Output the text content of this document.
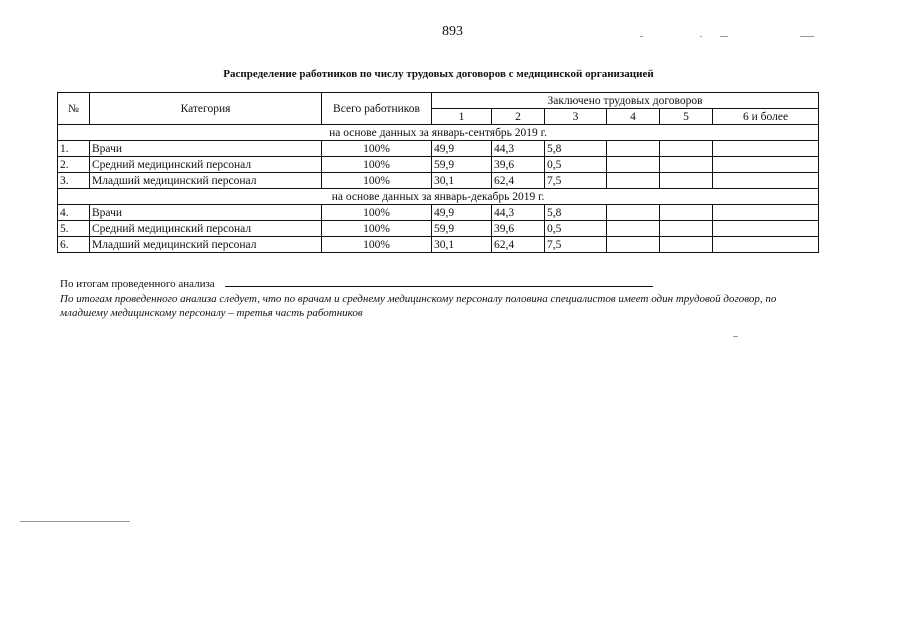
893
Распределение работников по числу трудовых договоров с медицинской организацией
№	Категория	Всего работников	Заключено трудовых договоров					
			1	2	3	4	5	6 и более
на основе данных за январь-сентябрь 2019 г.								
1.	Врачи	100%	49,9	44,3	5,8			
2.	Средний медицинский персонал	100%	59,9	39,6	0,5			
3.	Младший медицинский персонал	100%	30,1	62,4	7,5			
на основе данных за январь-декабрь 2019 г.								
4.	Врачи	100%	49,9	44,3	5,8			
5.	Средний медицинский персонал	100%	59,9	39,6	0,5			
6.	Младший медицинский персонал	100%	30,1	62,4	7,5			
По итогам проведенного анализа
По итогам проведенного анализа следует, что по врачам и среднему медицинскому персоналу половина специалистов имеет один трудовой договор, по младшему медицинскому персоналу – третья часть работников
